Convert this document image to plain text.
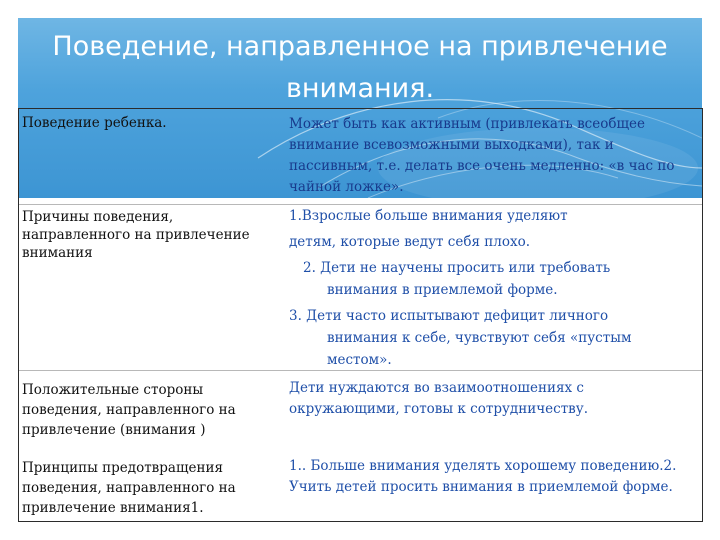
Поведение, направленное на привлечение
внимания.
Поведение ребенка.	Может быть как активным (привлекать всеобщее внимание всевозможными выходками), так и пассивным, т.е. делать все очень медленно: «в час по чайной ложке».

Причины поведения, направленного на привлечение внимания

1.Взрослые больше внимания уделяют

детям, которые ведут себя плохо.

2. Дети не научены просить или требовать внимания в приемлемой форме.

3. Дети часто испытывают дефицит личного внимания к себе, чувствуют себя «пустым местом».

Положительные стороны поведения, направленного на привлечение (внимания )

Дети нуждаются во взаимоотношениях с окружающими, готовы к сотрудничеству.

Принципы предотвращения поведения, направленного на привлечение внимания1.

1.. Больше внимания уделять хорошему поведению.2. Учить детей просить внимания в приемлемой форме.
